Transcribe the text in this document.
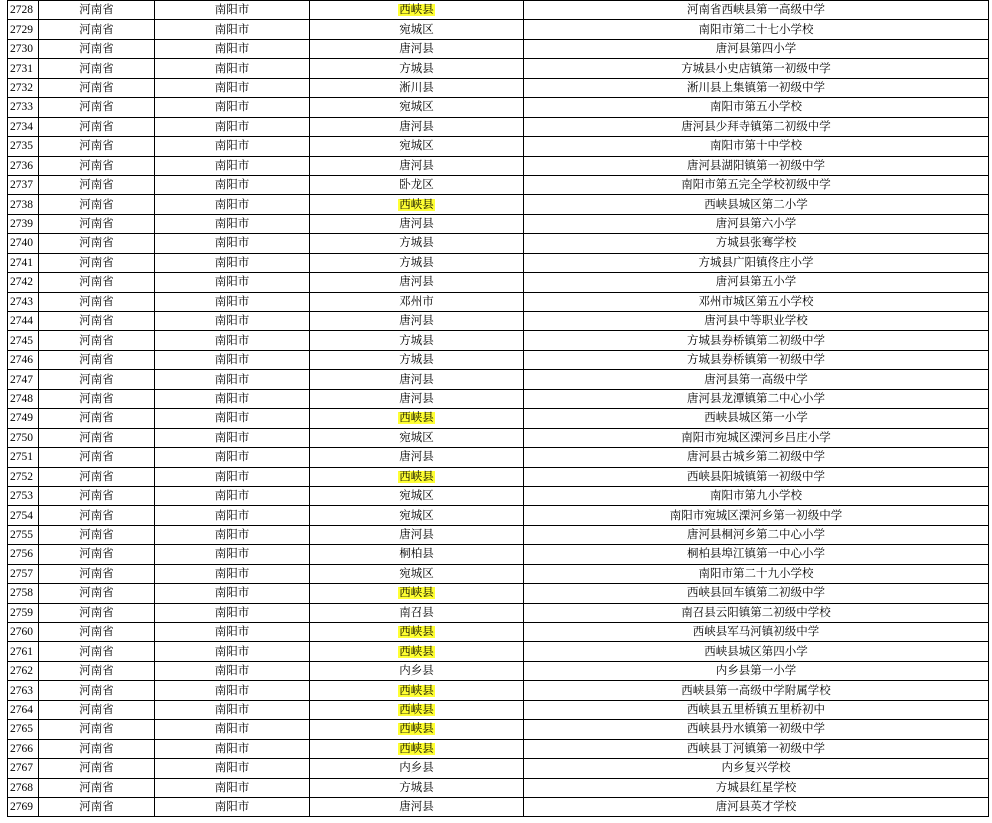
2728	河南省	南阳市	西峡县	河南省西峡县第一高级中学
2729	河南省	南阳市	宛城区	南阳市第二十七小学校
2730	河南省	南阳市	唐河县	唐河县第四小学
2731	河南省	南阳市	方城县	方城县小史店镇第一初级中学
2732	河南省	南阳市	淅川县	淅川县上集镇第一初级中学
2733	河南省	南阳市	宛城区	南阳市第五小学校
2734	河南省	南阳市	唐河县	唐河县少拜寺镇第二初级中学
2735	河南省	南阳市	宛城区	南阳市第十中学校
2736	河南省	南阳市	唐河县	唐河县湖阳镇第一初级中学
2737	河南省	南阳市	卧龙区	南阳市第五完全学校初级中学
2738	河南省	南阳市	西峡县	西峡县城区第二小学
2739	河南省	南阳市	唐河县	唐河县第六小学
2740	河南省	南阳市	方城县	方城县张骞学校
2741	河南省	南阳市	方城县	方城县广阳镇佟庄小学
2742	河南省	南阳市	唐河县	唐河县第五小学
2743	河南省	南阳市	邓州市	邓州市城区第五小学校
2744	河南省	南阳市	唐河县	唐河县中等职业学校
2745	河南省	南阳市	方城县	方城县券桥镇第二初级中学
2746	河南省	南阳市	方城县	方城县券桥镇第一初级中学
2747	河南省	南阳市	唐河县	唐河县第一高级中学
2748	河南省	南阳市	唐河县	唐河县龙潭镇第二中心小学
2749	河南省	南阳市	西峡县	西峡县城区第一小学
2750	河南省	南阳市	宛城区	南阳市宛城区溧河乡吕庄小学
2751	河南省	南阳市	唐河县	唐河县古城乡第二初级中学
2752	河南省	南阳市	西峡县	西峡县阳城镇第一初级中学
2753	河南省	南阳市	宛城区	南阳市第九小学校
2754	河南省	南阳市	宛城区	南阳市宛城区溧河乡第一初级中学
2755	河南省	南阳市	唐河县	唐河县桐河乡第二中心小学
2756	河南省	南阳市	桐柏县	桐柏县埠江镇第一中心小学
2757	河南省	南阳市	宛城区	南阳市第二十九小学校
2758	河南省	南阳市	西峡县	西峡县回车镇第二初级中学
2759	河南省	南阳市	南召县	南召县云阳镇第二初级中学校
2760	河南省	南阳市	西峡县	西峡县军马河镇初级中学
2761	河南省	南阳市	西峡县	西峡县城区第四小学
2762	河南省	南阳市	内乡县	内乡县第一小学
2763	河南省	南阳市	西峡县	西峡县第一高级中学附属学校
2764	河南省	南阳市	西峡县	西峡县五里桥镇五里桥初中
2765	河南省	南阳市	西峡县	西峡县丹水镇第一初级中学
2766	河南省	南阳市	西峡县	西峡县丁河镇第一初级中学
2767	河南省	南阳市	内乡县	内乡复兴学校
2768	河南省	南阳市	方城县	方城县红星学校
2769	河南省	南阳市	唐河县	唐河县英才学校
